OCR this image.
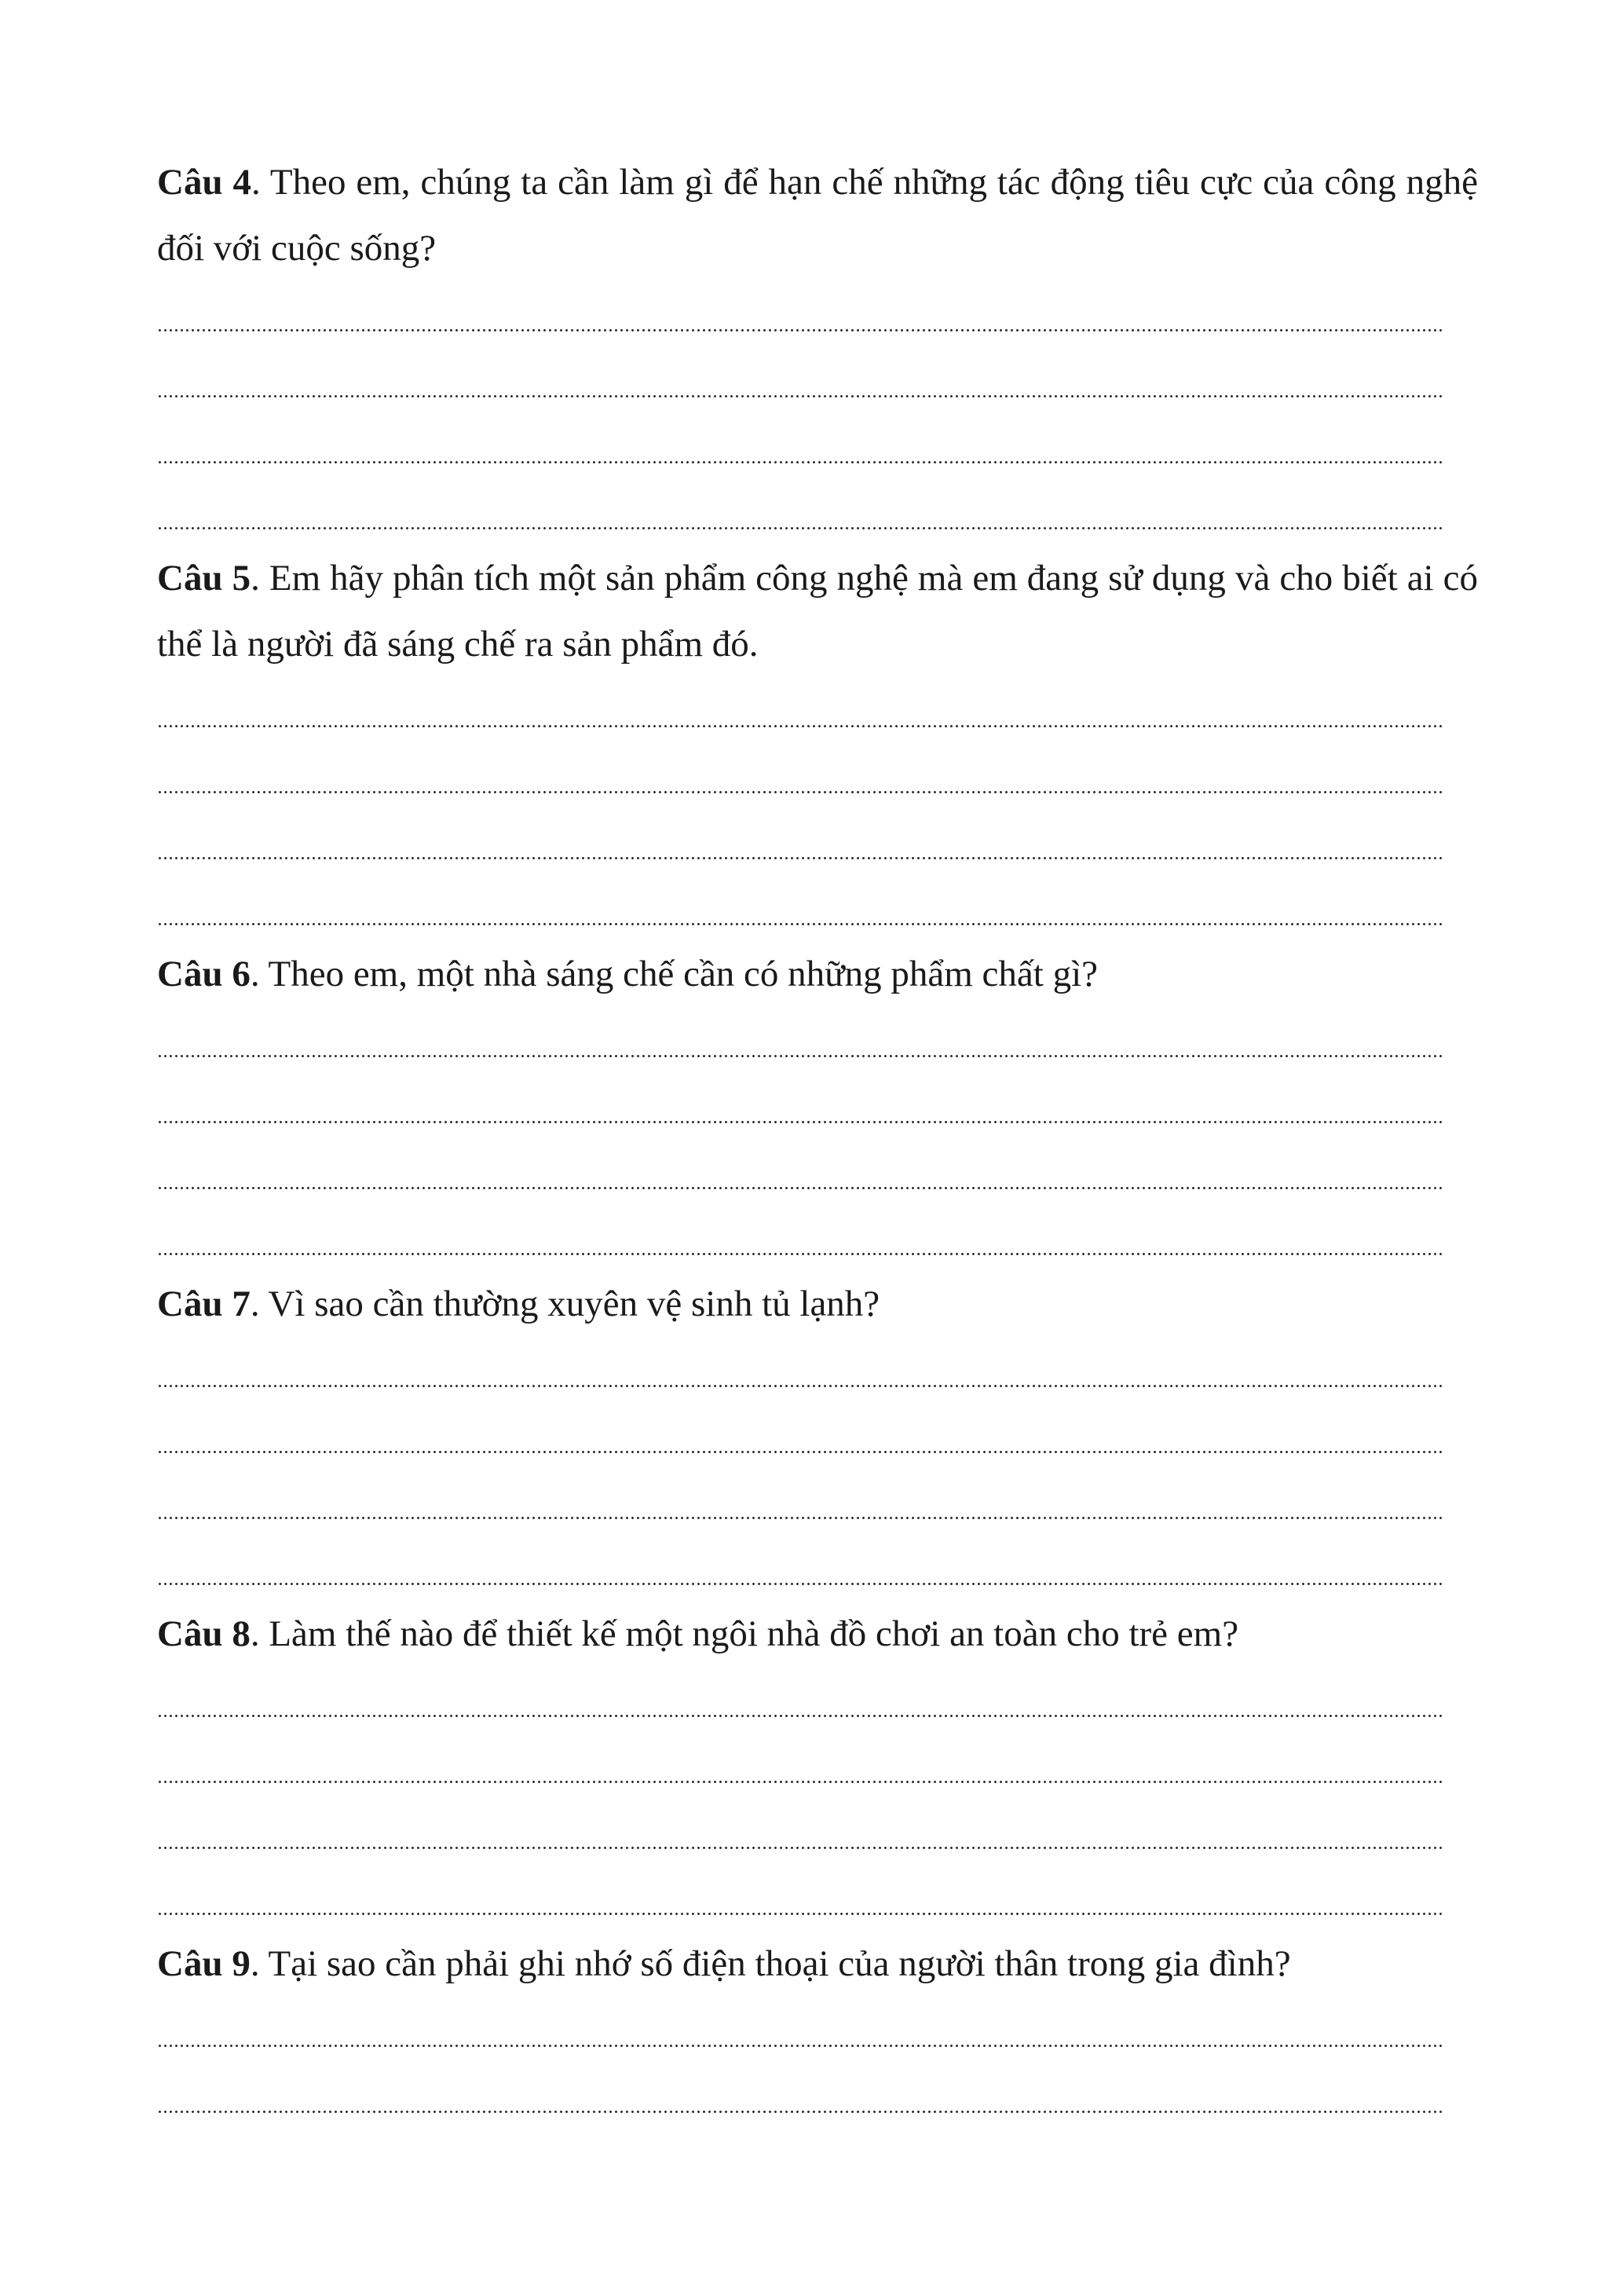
Câu 4. Theo em, chúng ta cần làm gì để hạn chế những tác động tiêu cực của công nghệ đối với cuộc sống?

Câu 5. Em hãy phân tích một sản phẩm công nghệ mà em đang sử dụng và cho biết ai có thể là người đã sáng chế ra sản phẩm đó.

Câu 6. Theo em, một nhà sáng chế cần có những phẩm chất gì?

Câu 7. Vì sao cần thường xuyên vệ sinh tủ lạnh?

Câu 8. Làm thế nào để thiết kế một ngôi nhà đồ chơi an toàn cho trẻ em?

Câu 9. Tại sao cần phải ghi nhớ số điện thoại của người thân trong gia đình?
